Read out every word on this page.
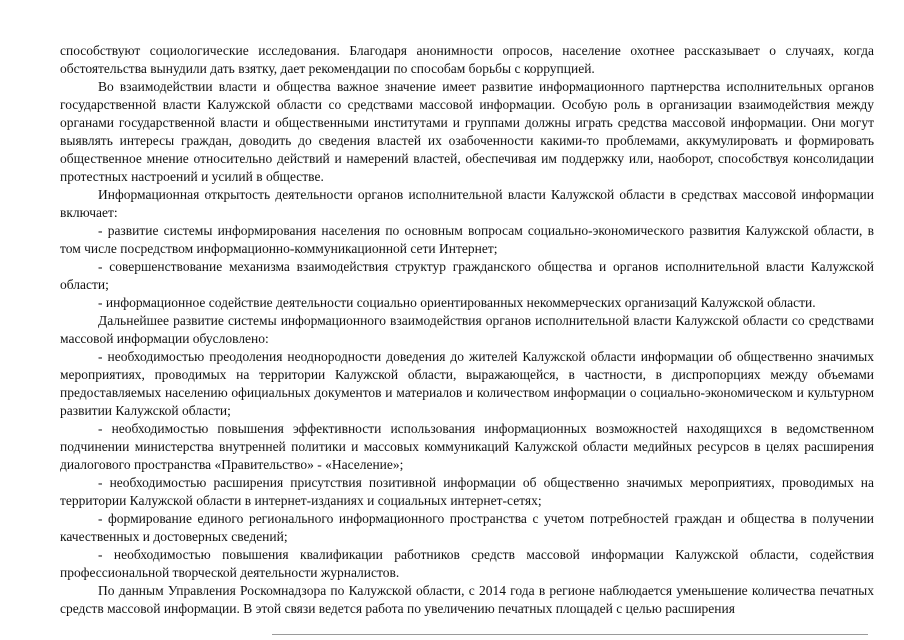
способствуют социологические исследования. Благодаря анонимности опросов, население охотнее рассказывает о случаях, когда обстоятельства вынудили дать взятку, дает рекомендации по способам борьбы с коррупцией.

Во взаимодействии власти и общества важное значение имеет развитие информационного партнерства исполнительных органов государственной власти Калужской области со средствами массовой информации. Особую роль в организации взаимодействия между органами государственной власти и общественными институтами и группами должны играть средства массовой информации. Они могут выявлять интересы граждан, доводить до сведения властей их озабоченности какими-то проблемами, аккумулировать и формировать общественное мнение относительно действий и намерений властей, обеспечивая им поддержку или, наоборот, способствуя консолидации протестных настроений и усилий в обществе.

Информационная открытость деятельности органов исполнительной власти Калужской области в средствах массовой информации включает:

- развитие системы информирования населения по основным вопросам социально-экономического развития Калужской области, в том числе посредством информационно-коммуникационной сети Интернет;

- совершенствование механизма взаимодействия структур гражданского общества и органов исполнительной власти Калужской области;

- информационное содействие деятельности социально ориентированных некоммерческих организаций Калужской области.

Дальнейшее развитие системы информационного взаимодействия органов исполнительной власти Калужской области со средствами массовой информации обусловлено:

- необходимостью преодоления неоднородности доведения до жителей Калужской области информации об общественно значимых мероприятиях, проводимых на территории Калужской области, выражающейся, в частности, в диспропорциях между объемами предоставляемых населению официальных документов и материалов и количеством информации о социально-экономическом и культурном развитии Калужской области;

- необходимостью повышения эффективности использования информационных возможностей находящихся в ведомственном подчинении министерства внутренней политики и массовых коммуникаций Калужской области медийных ресурсов в целях расширения диалогового пространства «Правительство» - «Население»;

- необходимостью расширения присутствия позитивной информации об общественно значимых мероприятиях, проводимых на территории Калужской области в интернет-изданиях и социальных интернет-сетях;

- формирование единого регионального информационного пространства с учетом потребностей граждан и общества в получении качественных и достоверных сведений;

- необходимостью повышения квалификации работников средств массовой информации Калужской области, содействия профессиональной творческой деятельности журналистов.

По данным Управления Роскомнадзора по Калужской области, с 2014 года в регионе наблюдается уменьшение количества печатных средств массовой информации. В этой связи ведется работа по увеличению печатных площадей с целью расширения
